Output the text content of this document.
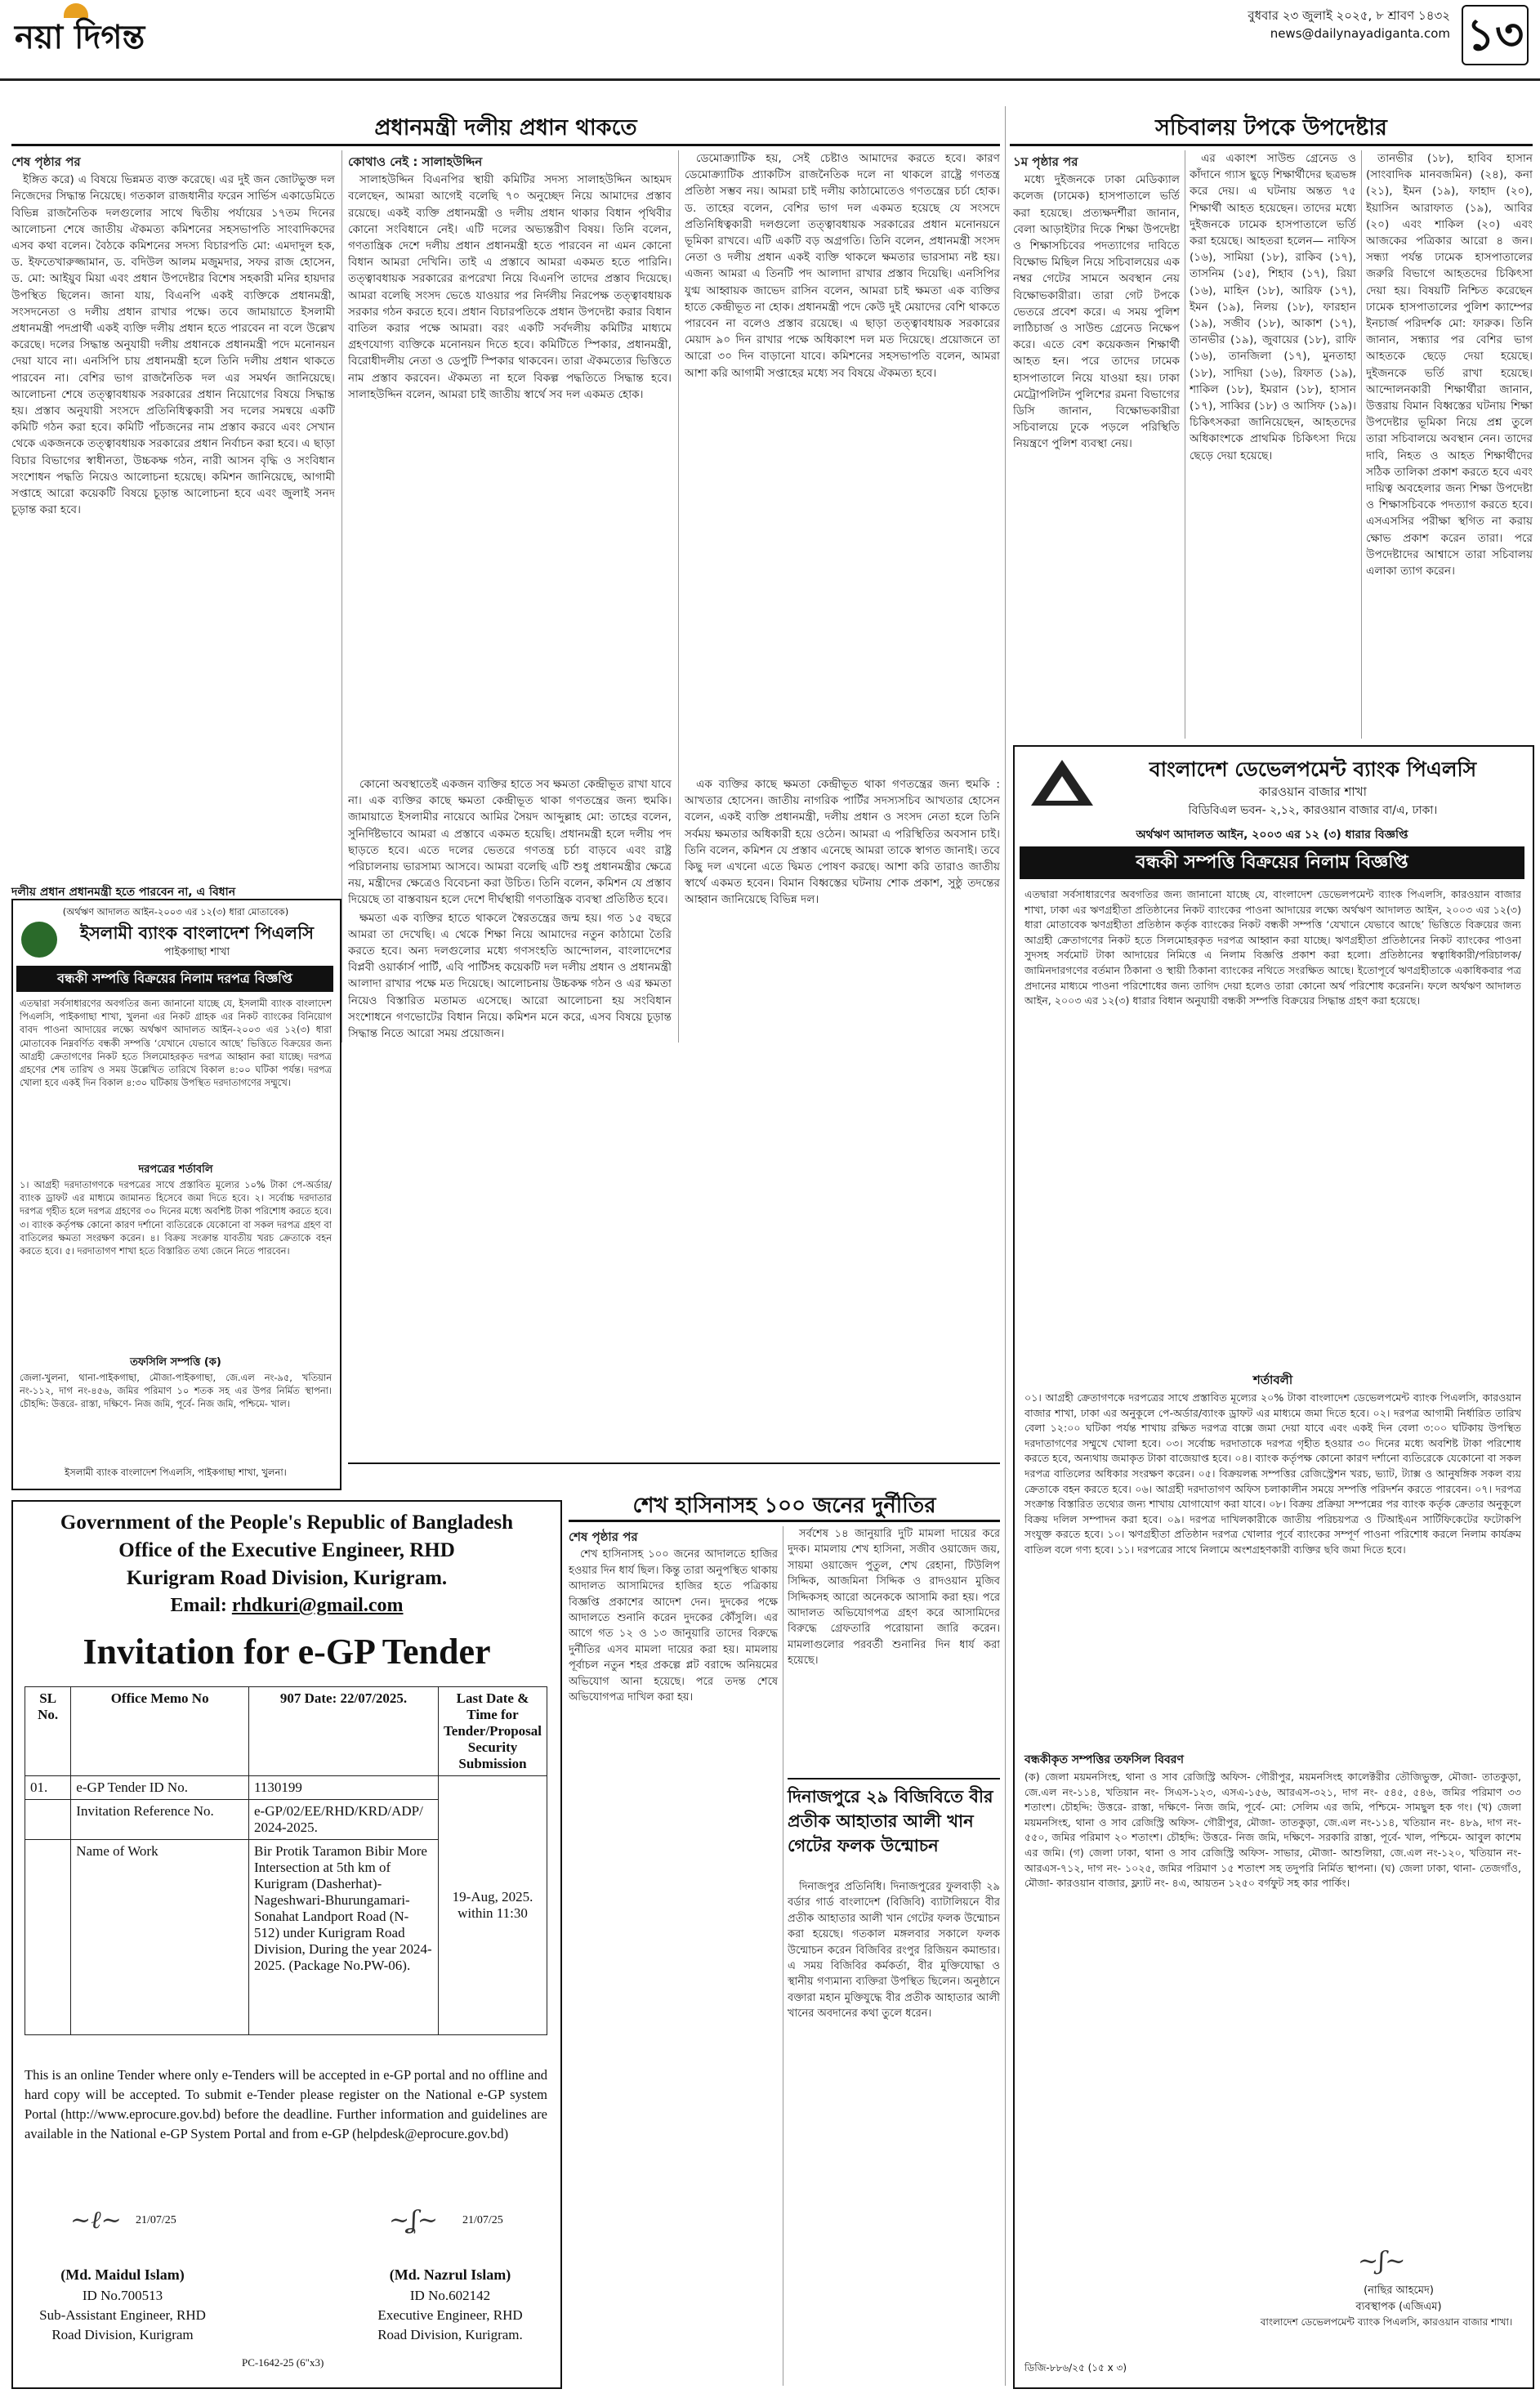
নয়া দিগন্ত
বুধবার ২৩ জুলাই ২০২৫, ৮ শ্রাবণ ১৪৩২
news@dailynayadiganta.com ১৩
প্রধানমন্ত্রী দলীয় প্রধান থাকতে
শেষ পৃষ্ঠার পর

ইঙ্গিত করে) এ বিষয়ে ভিন্নমত ব্যক্ত করেছে। এর দুই জন জোটভুক্ত দল নিজেদের সিদ্ধান্ত নিয়েছে। গতকাল রাজধানীর ফরেন সার্ভিস একাডেমিতে বিভিন্ন রাজনৈতিক দলগুলোর সাথে দ্বিতীয় পর্যায়ের ১৭তম দিনের আলোচনা শেষে জাতীয় ঐকমত্য কমিশনের সহসভাপতি সাংবাদিকদের এসব কথা বলেন। বৈঠকে কমিশনের সদস্য বিচারপতি মো: এমদাদুল হক, ড. ইফতেখারুজ্জামান, ড. বদিউল আলম মজুমদার, সফর রাজ হোসেন, ড. মো: আইয়ুব মিয়া এবং প্রধান উপদেষ্টার বিশেষ সহকারী মনির হায়দার উপস্থিত ছিলেন। জানা যায়, বিএনপি একই ব্যক্তিকে প্রধানমন্ত্রী, সংসদনেতা ও দলীয় প্রধান রাখার পক্ষে। তবে জামায়াতে ইসলামী প্রধানমন্ত্রী পদপ্রার্থী একই ব্যক্তি দলীয় প্রধান হতে পারবেন না বলে উল্লেখ করেছে। দলের সিদ্ধান্ত অনুযায়ী দলীয় প্রধানকে প্রধানমন্ত্রী পদে মনোনয়ন দেয়া যাবে না। এনসিপি চায় প্রধানমন্ত্রী হলে তিনি দলীয় প্রধান থাকতে পারবেন না। বেশির ভাগ রাজনৈতিক দল এর সমর্থন জানিয়েছে। আলোচনা শেষে তত্ত্বাবধায়ক সরকারের প্রধান নিয়োগের বিষয়ে সিদ্ধান্ত হয়। প্রস্তাব অনুযায়ী সংসদে প্রতিনিধিত্বকারী সব দলের সমন্বয়ে একটি কমিটি গঠন করা হবে। কমিটি পাঁচজনের নাম প্রস্তাব করবে এবং সেখান থেকে একজনকে তত্ত্বাবধায়ক সরকারের প্রধান নির্বাচন করা হবে। এ ছাড়া বিচার বিভাগের স্বাধীনতা, উচ্চকক্ষ গঠন, নারী আসন বৃদ্ধি ও সংবিধান সংশোধন পদ্ধতি নিয়েও আলোচনা হয়েছে। কমিশন জানিয়েছে, আগামী সপ্তাহে আরো কয়েকটি বিষয়ে চূড়ান্ত আলোচনা হবে এবং জুলাই সনদ চূড়ান্ত করা হবে।

কোথাও নেই : সালাহউদ্দিন

সালাহউদ্দিন বিএনপির স্থায়ী কমিটির সদস্য সালাহউদ্দিন আহমদ বলেছেন, আমরা আগেই বলেছি ৭০ অনুচ্ছেদ নিয়ে আমাদের প্রস্তাব রয়েছে। একই ব্যক্তি প্রধানমন্ত্রী ও দলীয় প্রধান থাকার বিধান পৃথিবীর কোনো সংবিধানে নেই। এটি দলের অভ্যন্তরীণ বিষয়। তিনি বলেন, গণতান্ত্রিক দেশে দলীয় প্রধান প্রধানমন্ত্রী হতে পারবেন না এমন কোনো বিধান আমরা দেখিনি। তাই এ প্রস্তাবে আমরা একমত হতে পারিনি। তত্ত্বাবধায়ক সরকারের রূপরেখা নিয়ে বিএনপি তাদের প্রস্তাব দিয়েছে। আমরা বলেছি সংসদ ভেঙে যাওয়ার পর নির্দলীয় নিরপেক্ষ তত্ত্বাবধায়ক সরকার গঠন করতে হবে। প্রধান বিচারপতিকে প্রধান উপদেষ্টা করার বিধান বাতিল করার পক্ষে আমরা। বরং একটি সর্বদলীয় কমিটির মাধ্যমে গ্রহণযোগ্য ব্যক্তিকে মনোনয়ন দিতে হবে। কমিটিতে স্পিকার, প্রধানমন্ত্রী, বিরোধীদলীয় নেতা ও ডেপুটি স্পিকার থাকবেন। তারা ঐকমত্যের ভিত্তিতে নাম প্রস্তাব করবেন। ঐকমত্য না হলে বিকল্প পদ্ধতিতে সিদ্ধান্ত হবে। সালাহউদ্দিন বলেন, আমরা চাই জাতীয় স্বার্থে সব দল একমত হোক।

ডেমোক্র্যাটিক হয়, সেই চেষ্টাও আমাদের করতে হবে। কারণ ডেমোক্র্যাটিক প্র্যাকটিস রাজনৈতিক দলে না থাকলে রাষ্ট্রে গণতন্ত্র প্রতিষ্ঠা সম্ভব নয়। আমরা চাই দলীয় কাঠামোতেও গণতন্ত্রের চর্চা হোক। ড. তাহের বলেন, বেশির ভাগ দল একমত হয়েছে যে সংসদে প্রতিনিধিত্বকারী দলগুলো তত্ত্বাবধায়ক সরকারের প্রধান মনোনয়নে ভূমিকা রাখবে। এটি একটি বড় অগ্রগতি। তিনি বলেন, প্রধানমন্ত্রী সংসদ নেতা ও দলীয় প্রধান একই ব্যক্তি থাকলে ক্ষমতার ভারসাম্য নষ্ট হয়। এজন্য আমরা এ তিনটি পদ আলাদা রাখার প্রস্তাব দিয়েছি। এনসিপির যুগ্ম আহ্বায়ক জাভেদ রাসিন বলেন, আমরা চাই ক্ষমতা এক ব্যক্তির হাতে কেন্দ্রীভূত না হোক। প্রধানমন্ত্রী পদে কেউ দুই মেয়াদের বেশি থাকতে পারবেন না বলেও প্রস্তাব রয়েছে। এ ছাড়া তত্ত্বাবধায়ক সরকারের মেয়াদ ৯০ দিন রাখার পক্ষে অধিকাংশ দল মত দিয়েছে। প্রয়োজনে তা আরো ৩০ দিন বাড়ানো যাবে। কমিশনের সহসভাপতি বলেন, আমরা আশা করি আগামী সপ্তাহের মধ্যে সব বিষয়ে ঐকমত্য হবে।

কোনো অবস্থাতেই একজন ব্যক্তির হাতে সব ক্ষমতা কেন্দ্রীভূত রাখা যাবে না। এক ব্যক্তির কাছে ক্ষমতা কেন্দ্রীভূত থাকা গণতন্ত্রের জন্য হুমকি। জামায়াতে ইসলামীর নায়েবে আমির সৈয়দ আব্দুল্লাহ মো: তাহের বলেন, সুনির্দিষ্টভাবে আমরা এ প্রস্তাবে একমত হয়েছি। প্রধানমন্ত্রী হলে দলীয় পদ ছাড়তে হবে। এতে দলের ভেতরে গণতন্ত্র চর্চা বাড়বে এবং রাষ্ট্র পরিচালনায় ভারসাম্য আসবে। আমরা বলেছি এটি শুধু প্রধানমন্ত্রীর ক্ষেত্রে নয়, মন্ত্রীদের ক্ষেত্রেও বিবেচনা করা উচিত। তিনি বলেন, কমিশন যে প্রস্তাব দিয়েছে তা বাস্তবায়ন হলে দেশে দীর্ঘস্থায়ী গণতান্ত্রিক ব্যবস্থা প্রতিষ্ঠিত হবে।

ক্ষমতা এক ব্যক্তির হাতে থাকলে স্বৈরতন্ত্রের জন্ম হয়। গত ১৫ বছরে আমরা তা দেখেছি। এ থেকে শিক্ষা নিয়ে আমাদের নতুন কাঠামো তৈরি করতে হবে। অন্য দলগুলোর মধ্যে গণসংহতি আন্দোলন, বাংলাদেশের বিপ্লবী ওয়ার্কার্স পার্টি, এবি পার্টিসহ কয়েকটি দল দলীয় প্রধান ও প্রধানমন্ত্রী আলাদা রাখার পক্ষে মত দিয়েছে। আলোচনায় উচ্চকক্ষ গঠন ও এর ক্ষমতা নিয়েও বিস্তারিত মতামত এসেছে। আরো আলোচনা হয় সংবিধান সংশোধনে গণভোটের বিধান নিয়ে। কমিশন মনে করে, এসব বিষয়ে চূড়ান্ত সিদ্ধান্ত নিতে আরো সময় প্রয়োজন।

এক ব্যক্তির কাছে ক্ষমতা কেন্দ্রীভূত থাকা গণতন্ত্রের জন্য হুমকি : আখতার হোসেন। জাতীয় নাগরিক পার্টির সদস্যসচিব আখতার হোসেন বলেন, একই ব্যক্তি প্রধানমন্ত্রী, দলীয় প্রধান ও সংসদ নেতা হলে তিনি সর্বময় ক্ষমতার অধিকারী হয়ে ওঠেন। আমরা এ পরিস্থিতির অবসান চাই। তিনি বলেন, কমিশন যে প্রস্তাব এনেছে আমরা তাকে স্বাগত জানাই। তবে কিছু দল এখনো এতে দ্বিমত পোষণ করছে। আশা করি তারাও জাতীয় স্বার্থে একমত হবেন। বিমান বিধ্বস্তের ঘটনায় শোক প্রকাশ, সুষ্ঠু তদন্তের আহ্বান জানিয়েছে বিভিন্ন দল।

দলীয় প্রধান প্রধানমন্ত্রী হতে পারবেন না, এ বিধান
সচিবালয় টপকে উপদেষ্টার
১ম পৃষ্ঠার পর

মধ্যে দুইজনকে ঢাকা মেডিক্যাল কলেজ (ঢামেক) হাসপাতালে ভর্তি করা হয়েছে। প্রত্যক্ষদর্শীরা জানান, বেলা আড়াইটার দিকে শিক্ষা উপদেষ্টা ও শিক্ষাসচিবের পদত্যাগের দাবিতে বিক্ষোভ মিছিল নিয়ে সচিবালয়ের এক নম্বর গেটের সামনে অবস্থান নেয় বিক্ষোভকারীরা। তারা গেট টপকে ভেতরে প্রবেশ করে। এ সময় পুলিশ লাঠিচার্জ ও সাউন্ড গ্রেনেড নিক্ষেপ করে। এতে বেশ কয়েকজন শিক্ষার্থী আহত হন। পরে তাদের ঢামেক হাসপাতালে নিয়ে যাওয়া হয়। ঢাকা মেট্রোপলিটন পুলিশের রমনা বিভাগের ডিসি জানান, বিক্ষোভকারীরা সচিবালয়ে ঢুকে পড়লে পরিস্থিতি নিয়ন্ত্রণে পুলিশ ব্যবস্থা নেয়।

এর একাংশ সাউন্ড গ্রেনেড ও কাঁদানে গ্যাস ছুড়ে শিক্ষার্থীদের ছত্রভঙ্গ করে দেয়। এ ঘটনায় অন্তত ৭৫ শিক্ষার্থী আহত হয়েছেন। তাদের মধ্যে দুইজনকে ঢামেক হাসপাতালে ভর্তি করা হয়েছে। আহতরা হলেন— নাফিস (১৬), সামিয়া (১৮), রাকিব (১৭), তাসনিম (১৫), শিহাব (১৭), রিয়া (১৬), মাহিন (১৮), আরিফ (১৭), ইমন (১৯), নিলয় (১৮), ফারহান (১৯), সজীব (১৮), আকাশ (১৭), তানভীর (১৯), জুবায়ের (১৮), রাফি (১৬), তানজিলা (১৭), মুনতাহা (১৮), সাদিয়া (১৬), রিফাত (১৯), শাকিল (১৮), ইমরান (১৮), হাসান (১৭), সাব্বির (১৮) ও আসিফ (১৯)। চিকিৎসকরা জানিয়েছেন, আহতদের অধিকাংশকে প্রাথমিক চিকিৎসা দিয়ে ছেড়ে দেয়া হয়েছে।

তানভীর (১৮), হাবিব হাসান (সাংবাদিক মানবজমিন) (২৪), কনা (২১), ইমন (১৯), ফাহাদ (২০), ইয়াসিন আরাফাত (১৯), আবির (২০) এবং শাকিল (২০) এবং আজকের পত্রিকার আরো ৪ জন। সন্ধ্যা পর্যন্ত ঢামেক হাসপাতালের জরুরি বিভাগে আহতদের চিকিৎসা দেয়া হয়। বিষয়টি নিশ্চিত করেছেন ঢামেক হাসপাতালের পুলিশ ক্যাম্পের ইনচার্জ পরিদর্শক মো: ফারুক। তিনি জানান, সন্ধ্যার পর বেশির ভাগ আহতকে ছেড়ে দেয়া হয়েছে। দুইজনকে ভর্তি রাখা হয়েছে। আন্দোলনকারী শিক্ষার্থীরা জানান, উত্তরায় বিমান বিধ্বস্তের ঘটনায় শিক্ষা উপদেষ্টার ভূমিকা নিয়ে প্রশ্ন তুলে তারা সচিবালয়ে অবস্থান নেন। তাদের দাবি, নিহত ও আহত শিক্ষার্থীদের সঠিক তালিকা প্রকাশ করতে হবে এবং দায়িত্ব অবহেলার জন্য শিক্ষা উপদেষ্টা ও শিক্ষাসচিবকে পদত্যাগ করতে হবে। এসএসসির পরীক্ষা স্থগিত না করায় ক্ষোভ প্রকাশ করেন তারা। পরে উপদেষ্টাদের আশ্বাসে তারা সচিবালয় এলাকা ত্যাগ করেন।

বাংলাদেশ ডেভেলপমেন্ট ব্যাংক পিএলসি
কারওয়ান বাজার শাখা
বিডিবিএল ভবন- ২,১২, কারওয়ান বাজার বা/এ, ঢাকা।
অর্থঋণ আদালত আইন, ২০০৩ এর ১২ (৩) ধারার বিজ্ঞপ্তি
বন্ধকী সম্পত্তি বিক্রয়ের নিলাম বিজ্ঞপ্তি
এতদ্বারা সর্বসাধারণের অবগতির জন্য জানানো যাচ্ছে যে, বাংলাদেশ ডেভেলপমেন্ট ব্যাংক পিএলসি, কারওয়ান বাজার শাখা, ঢাকা এর ঋণগ্রহীতা প্রতিষ্ঠানের নিকট ব্যাংকের পাওনা আদায়ের লক্ষ্যে অর্থঋণ আদালত আইন, ২০০৩ এর ১২(৩) ধারা মোতাবেক ঋণগ্রহীতা প্রতিষ্ঠান কর্তৃক ব্যাংকের নিকট বন্ধকী সম্পত্তি ‘যেখানে যেভাবে আছে’ ভিত্তিতে বিক্রয়ের জন্য আগ্রহী ক্রেতাগণের নিকট হতে সিলমোহরকৃত দরপত্র আহ্বান করা যাচ্ছে। ঋণগ্রহীতা প্রতিষ্ঠানের নিকট ব্যাংকের পাওনা সুদসহ সর্বমোট টাকা আদায়ের নিমিত্তে এ নিলাম বিজ্ঞপ্তি প্রকাশ করা হলো। প্রতিষ্ঠানের স্বত্বাধিকারী/পরিচালক/জামিনদারগণের বর্তমান ঠিকানা ও স্থায়ী ঠিকানা ব্যাংকের নথিতে সংরক্ষিত আছে। ইতোপূর্বে ঋণগ্রহীতাকে একাধিকবার পত্র প্রদানের মাধ্যমে পাওনা পরিশোধের জন্য তাগিদ দেয়া হলেও তারা কোনো অর্থ পরিশোধ করেননি। ফলে অর্থঋণ আদালত আইন, ২০০৩ এর ১২(৩) ধারার বিধান অনুযায়ী বন্ধকী সম্পত্তি বিক্রয়ের সিদ্ধান্ত গ্রহণ করা হয়েছে।
শর্তাবলী
০১। আগ্রহী ক্রেতাগণকে দরপত্রের সাথে প্রস্তাবিত মূল্যের ২০% টাকা বাংলাদেশ ডেভেলপমেন্ট ব্যাংক পিএলসি, কারওয়ান বাজার শাখা, ঢাকা এর অনুকূলে পে-অর্ডার/ব্যাংক ড্রাফট এর মাধ্যমে জমা দিতে হবে। ০২। দরপত্র আগামী নির্ধারিত তারিখ বেলা ১২:০০ ঘটিকা পর্যন্ত শাখায় রক্ষিত দরপত্র বাক্সে জমা দেয়া যাবে এবং একই দিন বেলা ৩:০০ ঘটিকায় উপস্থিত দরদাতাগণের সম্মুখে খোলা হবে। ০৩। সর্বোচ্চ দরদাতাকে দরপত্র গৃহীত হওয়ার ৩০ দিনের মধ্যে অবশিষ্ট টাকা পরিশোধ করতে হবে, অন্যথায় জমাকৃত টাকা বাজেয়াপ্ত হবে। ০৪। ব্যাংক কর্তৃপক্ষ কোনো কারণ দর্শানো ব্যতিরেকে যেকোনো বা সকল দরপত্র বাতিলের অধিকার সংরক্ষণ করেন। ০৫। বিক্রয়লব্ধ সম্পত্তির রেজিস্ট্রেশন খরচ, ভ্যাট, ট্যাক্স ও আনুষঙ্গিক সকল ব্যয় ক্রেতাকে বহন করতে হবে। ০৬। আগ্রহী দরদাতাগণ অফিস চলাকালীন সময়ে সম্পত্তি পরিদর্শন করতে পারবেন। ০৭। দরপত্র সংক্রান্ত বিস্তারিত তথ্যের জন্য শাখায় যোগাযোগ করা যাবে। ০৮। বিক্রয় প্রক্রিয়া সম্পন্নের পর ব্যাংক কর্তৃক ক্রেতার অনুকূলে বিক্রয় দলিল সম্পাদন করা হবে। ০৯। দরপত্র দাখিলকারীকে জাতীয় পরিচয়পত্র ও টিআইএন সার্টিফিকেটের ফটোকপি সংযুক্ত করতে হবে। ১০। ঋণগ্রহীতা প্রতিষ্ঠান দরপত্র খোলার পূর্বে ব্যাংকের সম্পূর্ণ পাওনা পরিশোধ করলে নিলাম কার্যক্রম বাতিল বলে গণ্য হবে। ১১। দরপত্রের সাথে নিলামে অংশগ্রহণকারী ব্যক্তির ছবি জমা দিতে হবে।
বন্ধকীকৃত সম্পত্তির তফসিল বিবরণ
(ক) জেলা ময়মনসিংহ, থানা ও সাব রেজিস্ট্রি অফিস- গৌরীপুর, ময়মনসিংহ কালেক্টরীর তৌজিভুক্ত, মৌজা- তাতকুড়া, জে.এল নং-১১৪, খতিয়ান নং- সিএস-১২৩, এসএ-১৫৬, আরএস-৩২১, দাগ নং- ৫৪৫, ৫৪৬, জমির পরিমাণ ৩৩ শতাংশ। চৌহদ্দি: উত্তরে- রাস্তা, দক্ষিণে- নিজ জমি, পূর্বে- মো: সেলিম এর জমি, পশ্চিমে- সামছুল হক গং। (খ) জেলা ময়মনসিংহ, থানা ও সাব রেজিস্ট্রি অফিস- গৌরীপুর, মৌজা- তাতকুড়া, জে.এল নং-১১৪, খতিয়ান নং- ৪৮৯, দাগ নং- ৫৫০, জমির পরিমাণ ২০ শতাংশ। চৌহদ্দি: উত্তরে- নিজ জমি, দক্ষিণে- সরকারি রাস্তা, পূর্বে- খাল, পশ্চিমে- আবুল কাশেম এর জমি। (গ) জেলা ঢাকা, থানা ও সাব রেজিস্ট্রি অফিস- সাভার, মৌজা- আশুলিয়া, জে.এল নং-১২০, খতিয়ান নং- আরএস-৭১২, দাগ নং- ১০২৫, জমির পরিমাণ ১৫ শতাংশ সহ তদুপরি নির্মিত স্থাপনা। (ঘ) জেলা ঢাকা, থানা- তেজগাঁও, মৌজা- কারওয়ান বাজার, ফ্ল্যাট নং- ৪এ, আয়তন ১২৫০ বর্গফুট সহ কার পার্কিং।
~ʃ~
(নাছির আহমেদ)
ব্যবস্থাপক (এজিএম)
বাংলাদেশ ডেভেলপমেন্ট ব্যাংক পিএলসি, কারওয়ান বাজার শাখা।
ডিজি-৮৮৬/২৫ (১৫ x ৩)
(অর্থঋণ আদালত আইন-২০০৩ এর ১২(৩) ধারা মোতাবেক)
ইসলামী ব্যাংক বাংলাদেশ পিএলসি
পাইকগাছা শাখা
বন্ধকী সম্পত্তি বিক্রয়ের নিলাম দরপত্র বিজ্ঞপ্তি
এতদ্বারা সর্বসাধারণের অবগতির জন্য জানানো যাচ্ছে যে, ইসলামী ব্যাংক বাংলাদেশ পিএলসি, পাইকগাছা শাখা, খুলনা এর নিকট গ্রাহক এর নিকট ব্যাংকের বিনিয়োগ বাবদ পাওনা আদায়ের লক্ষ্যে অর্থঋণ আদালত আইন-২০০৩ এর ১২(৩) ধারা মোতাবেক নিম্নবর্ণিত বন্ধকী সম্পত্তি ‘যেখানে যেভাবে আছে’ ভিত্তিতে বিক্রয়ের জন্য আগ্রহী ক্রেতাগণের নিকট হতে সিলমোহরকৃত দরপত্র আহ্বান করা যাচ্ছে। দরপত্র গ্রহণের শেষ তারিখ ও সময় উল্লেখিত তারিখে বিকাল ৪:০০ ঘটিকা পর্যন্ত। দরপত্র খোলা হবে একই দিন বিকাল ৪:৩০ ঘটিকায় উপস্থিত দরদাতাগণের সম্মুখে।
দরপত্রের শর্তাবলি
১। আগ্রহী দরদাতাগণকে দরপত্রের সাথে প্রস্তাবিত মূল্যের ১০% টাকা পে-অর্ডার/ব্যাংক ড্রাফট এর মাধ্যমে জামানত হিসেবে জমা দিতে হবে। ২। সর্বোচ্চ দরদাতার দরপত্র গৃহীত হলে দরপত্র গ্রহণের ৩০ দিনের মধ্যে অবশিষ্ট টাকা পরিশোধ করতে হবে। ৩। ব্যাংক কর্তৃপক্ষ কোনো কারণ দর্শানো ব্যতিরেকে যেকোনো বা সকল দরপত্র গ্রহণ বা বাতিলের ক্ষমতা সংরক্ষণ করেন। ৪। বিক্রয় সংক্রান্ত যাবতীয় খরচ ক্রেতাকে বহন করতে হবে। ৫। দরদাতাগণ শাখা হতে বিস্তারিত তথ্য জেনে নিতে পারবেন।
তফসিলি সম্পত্তি (ক)
জেলা-খুলনা, থানা-পাইকগাছা, মৌজা-পাইকগাছা, জে.এল নং-৯৫, খতিয়ান নং-১১২, দাগ নং-৪৫৬, জমির পরিমাণ ১০ শতক সহ এর উপর নির্মিত স্থাপনা। চৌহদ্দি: উত্তরে- রাস্তা, দক্ষিণে- নিজ জমি, পূর্বে- নিজ জমি, পশ্চিমে- খাল।
ইসলামী ব্যাংক বাংলাদেশ পিএলসি, পাইকগাছা শাখা, খুলনা।
Government of the People's Republic of Bangladesh
Office of the Executive Engineer, RHD
Kurigram Road Division, Kurigram.
Email: rhdkuri@gmail.com
Invitation for e-GP Tender
SL No.	Office Memo No	907 Date: 22/07/2025.	Last Date & Time for Tender/Proposal Security Submission
01.	e-GP Tender ID No.	1130199	19-Aug, 2025. within 11:30
	Invitation Reference No.	e-GP/02/EE/RHD/KRD/ADP/ 2024-2025.	
	Name of Work	Bir Protik Taramon Bibir More Intersection at 5th km of Kurigram (Dasherhat)- Nageshwari-Bhurungamari-Sonahat Landport Road (N-512) under Kurigram Road Division, During the year 2024-2025. (Package No.PW-06).	
This is an online Tender where only e-Tenders will be accepted in e-GP portal and no offline and hard copy will be accepted. To submit e-Tender please register on the National e-GP system Portal (http://www.eprocure.gov.bd) before the deadline. Further information and guidelines are available in the National e-GP System Portal and from e-GP (helpdesk@eprocure.gov.bd)
~ℓ~ 21/07/25
(Md. Maidul Islam)
ID No.700513
Sub-Assistant Engineer, RHD
Road Division, Kurigram
PC-1642-25 (6"x3)
~ʆ~ 21/07/25
(Md. Nazrul Islam)
ID No.602142
Executive Engineer, RHD
Road Division, Kurigram.
শেখ হাসিনাসহ ১০০ জনের দুর্নীতির
শেষ পৃষ্ঠার পর

শেখ হাসিনাসহ ১০০ জনের আদালতে হাজির হওয়ার দিন ধার্য ছিল। কিন্তু তারা অনুপস্থিত থাকায় আদালত আসামিদের হাজির হতে পত্রিকায় বিজ্ঞপ্তি প্রকাশের আদেশ দেন। দুদকের পক্ষে আদালতে শুনানি করেন দুদকের কৌঁসুলি। এর আগে গত ১২ ও ১৩ জানুয়ারি তাদের বিরুদ্ধে দুর্নীতির এসব মামলা দায়ের করা হয়। মামলায় পূর্বাচল নতুন শহর প্রকল্পে প্লট বরাদ্দে অনিয়মের অভিযোগ আনা হয়েছে। পরে তদন্ত শেষে অভিযোগপত্র দাখিল করা হয়।

সর্বশেষ ১৪ জানুয়ারি দুটি মামলা দায়ের করে দুদক। মামলায় শেখ হাসিনা, সজীব ওয়াজেদ জয়, সায়মা ওয়াজেদ পুতুল, শেখ রেহানা, টিউলিপ সিদ্দিক, আজমিনা সিদ্দিক ও রাদওয়ান মুজিব সিদ্দিকসহ আরো অনেককে আসামি করা হয়। পরে আদালত অভিযোগপত্র গ্রহণ করে আসামিদের বিরুদ্ধে গ্রেফতারি পরোয়ানা জারি করেন। মামলাগুলোর পরবর্তী শুনানির দিন ধার্য করা হয়েছে।

দিনাজপুরে ২৯ বিজিবিতে বীর প্রতীক আহাতার আলী খান গেটের ফলক উন্মোচন

দিনাজপুর প্রতিনিধি। দিনাজপুরের ফুলবাড়ী ২৯ বর্ডার গার্ড বাংলাদেশ (বিজিবি) ব্যাটালিয়নে বীর প্রতীক আহাতার আলী খান গেটের ফলক উন্মোচন করা হয়েছে। গতকাল মঙ্গলবার সকালে ফলক উন্মোচন করেন বিজিবির রংপুর রিজিয়ন কমান্ডার। এ সময় বিজিবির কর্মকর্তা, বীর মুক্তিযোদ্ধা ও স্থানীয় গণ্যমান্য ব্যক্তিরা উপস্থিত ছিলেন। অনুষ্ঠানে বক্তারা মহান মুক্তিযুদ্ধে বীর প্রতীক আহাতার আলী খানের অবদানের কথা তুলে ধরেন।
